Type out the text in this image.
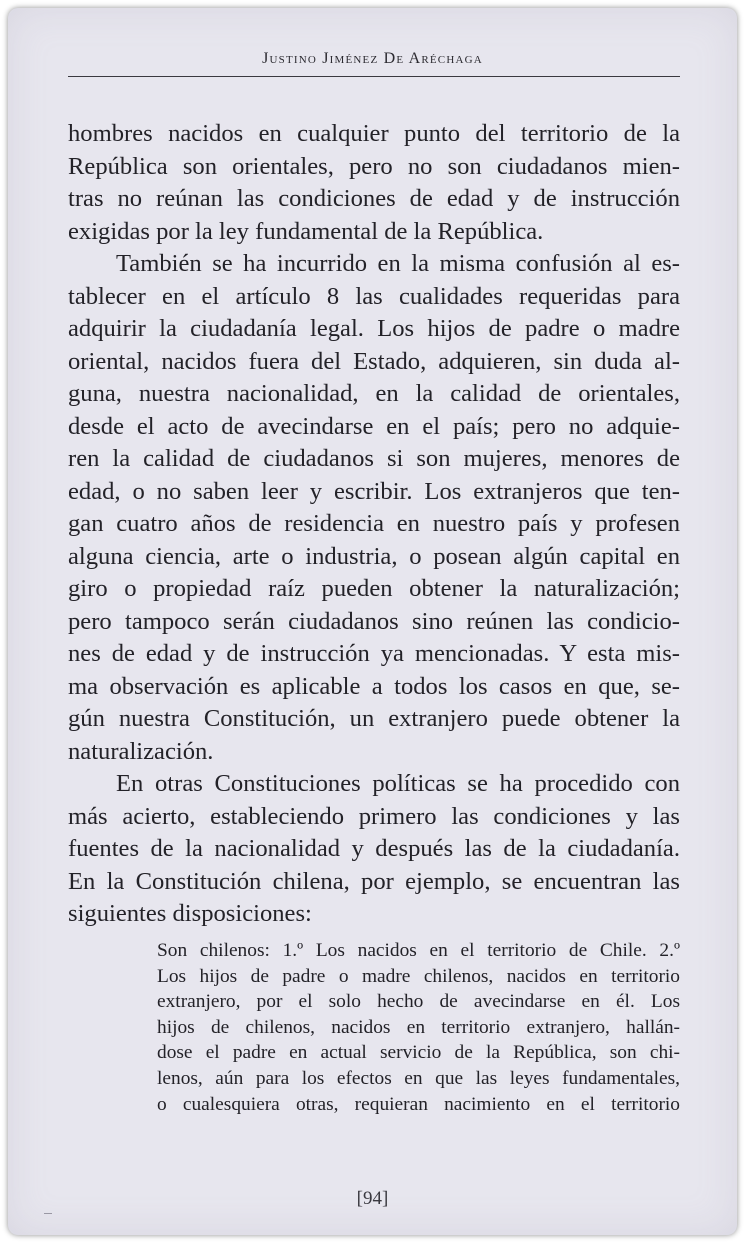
Justino Jiménez De Aréchaga
hombres nacidos en cualquier punto del territorio de la
República son orientales, pero no son ciudadanos mien-
tras no reúnan las condiciones de edad y de instrucción
exigidas por la ley fundamental de la República.
También se ha incurrido en la misma confusión al es-
tablecer en el artículo 8 las cualidades requeridas para
adquirir la ciudadanía legal. Los hijos de padre o madre
oriental, nacidos fuera del Estado, adquieren, sin duda al-
guna, nuestra nacionalidad, en la calidad de orientales,
desde el acto de avecindarse en el país; pero no adquie-
ren la calidad de ciudadanos si son mujeres, menores de
edad, o no saben leer y escribir. Los extranjeros que ten-
gan cuatro años de residencia en nuestro país y profesen
alguna ciencia, arte o industria, o posean algún capital en
giro o propiedad raíz pueden obtener la naturalización;
pero tampoco serán ciudadanos sino reúnen las condicio-
nes de edad y de instrucción ya mencionadas. Y esta mis-
ma observación es aplicable a todos los casos en que, se-
gún nuestra Constitución, un extranjero puede obtener la
naturalización.
En otras Constituciones políticas se ha procedido con
más acierto, estableciendo primero las condiciones y las
fuentes de la nacionalidad y después las de la ciudadanía.
En la Constitución chilena, por ejemplo, se encuentran las
siguientes disposiciones:
Son chilenos: 1.º Los nacidos en el territorio de Chile. 2.º
Los hijos de padre o madre chilenos, nacidos en territorio
extranjero, por el solo hecho de avecindarse en él. Los
hijos de chilenos, nacidos en territorio extranjero, hallán-
dose el padre en actual servicio de la República, son chi-
lenos, aún para los efectos en que las leyes fundamentales,
o cualesquiera otras, requieran nacimiento en el territorio
[94]
